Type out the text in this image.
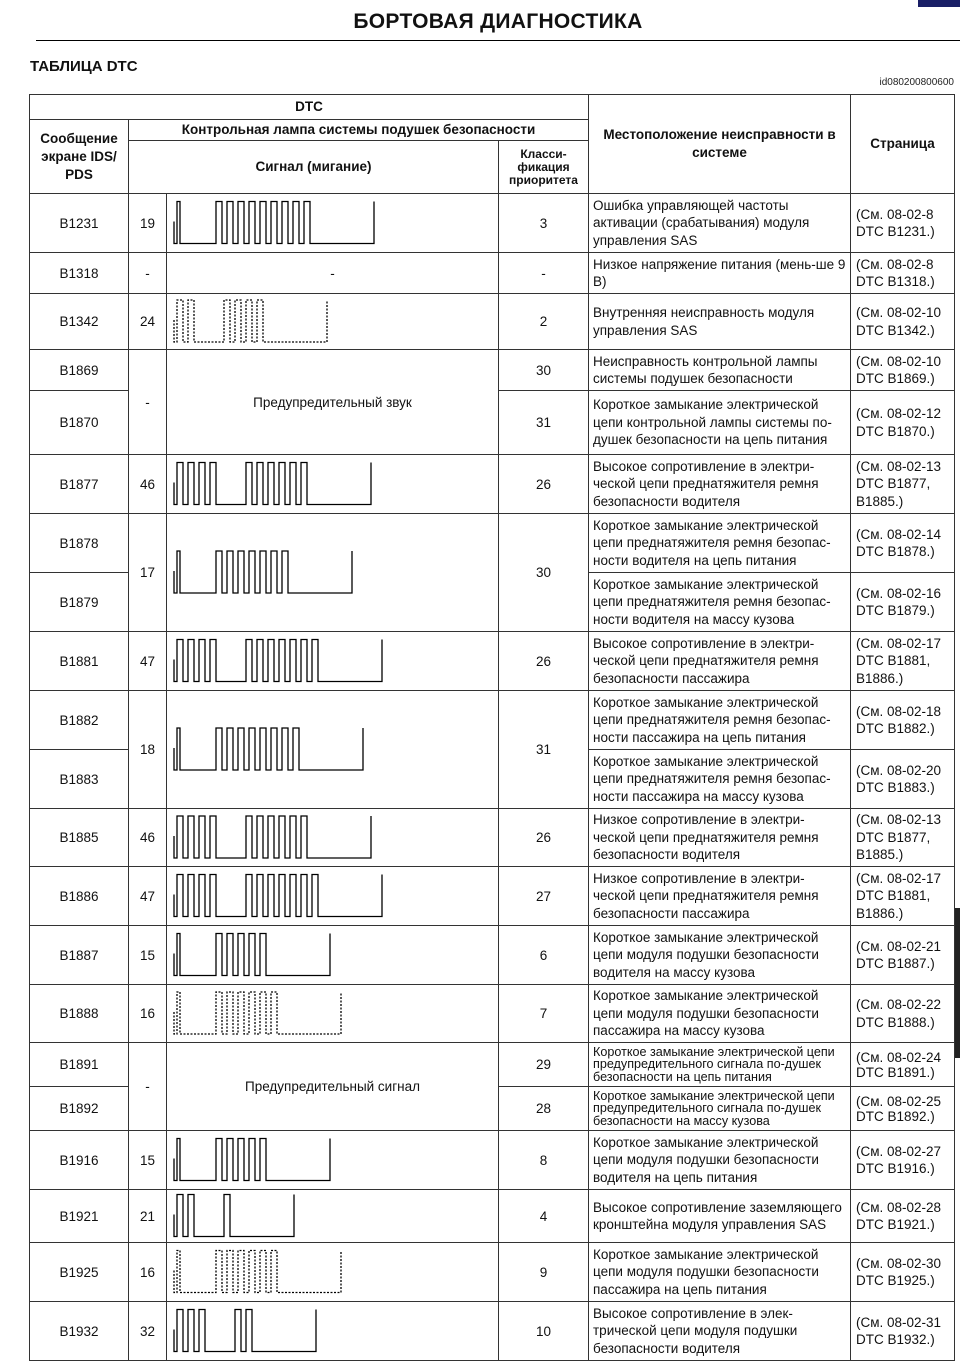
БОРТОВАЯ ДИАГНОСТИКА
ТАБЛИЦА DTC
id080200800600
DTC				Местоположение неисправности в системе	Страница
Сообщение экране IDS/ PDS	Контрольная лампа системы подушек безопасности				
	Сигнал (мигание)		Класси-фикация приоритета		
B1231	19		3	Ошибка управляющей частоты активации (срабатывания) модуля управления SAS	(См. 08-02-8 DTC B1231.)
B1318	-	-	-	Низкое напряжение питания (мень-ше 9 В)	(См. 08-02-8 DTC B1318.)
B1342	24		2	Внутренняя неисправность модуля управления SAS	(См. 08-02-10 DTC B1342.)
B1869	-	Предупредительный звук	30	Неисправность контрольной лампы системы подушек безопасности	(См. 08-02-10 DTC B1869.)
B1870			31	Короткое замыкание электрической цепи контрольной лампы системы по-душек безопасности на цепь питания	(См. 08-02-12 DTC B1870.)
B1877	46		26	Высокое сопротивление в электри-ческой цепи преднатяжителя ремня безопасности водителя	(См. 08-02-13 DTC B1877, B1885.)
B1878	17		30	Короткое замыкание электрической цепи преднатяжителя ремня безопас-ности водителя на цепь питания	(См. 08-02-14 DTC B1878.)
B1879				Короткое замыкание электрической цепи преднатяжителя ремня безопас-ности водителя на массу кузова	(См. 08-02-16 DTC B1879.)
B1881	47		26	Высокое сопротивление в электри-ческой цепи преднатяжителя ремня безопасности пассажира	(См. 08-02-17 DTC B1881, B1886.)
B1882	18		31	Короткое замыкание электрической цепи преднатяжителя ремня безопас-ности пассажира на цепь питания	(См. 08-02-18 DTC B1882.)
B1883				Короткое замыкание электрической цепи преднатяжителя ремня безопас-ности пассажира на массу кузова	(См. 08-02-20 DTC B1883.)
B1885	46		26	Низкое сопротивление в электри-ческой цепи преднатяжителя ремня безопасности водителя	(См. 08-02-13 DTC B1877, B1885.)
B1886	47		27	Низкое сопротивление в электри-ческой цепи преднатяжителя ремня безопасности пассажира	(См. 08-02-17 DTC B1881, B1886.)
B1887	15		6	Короткое замыкание электрической цепи модуля подушки безопасности водителя на массу кузова	(См. 08-02-21 DTC B1887.)
B1888	16		7	Короткое замыкание электрической цепи модуля подушки безопасности пассажира на массу кузова	(См. 08-02-22 DTC B1888.)
B1891	-	Предупредительный сигнал	29	Короткое замыкание электрической цепи предупредительного сигнала по-душек безопасности на цепь питания	(См. 08-02-24 DTC B1891.)
B1892			28	Короткое замыкание электрической цепи предупредительного сигнала по-душек безопасности на массу кузова	(См. 08-02-25 DTC B1892.)
B1916	15		8	Короткое замыкание электрической цепи модуля подушки безопасности водителя на цепь питания	(См. 08-02-27 DTC B1916.)
B1921	21		4	Высокое сопротивление заземляющего кронштейна модуля управления SAS	(См. 08-02-28 DTC B1921.)
B1925	16		9	Короткое замыкание электрической цепи модуля подушки безопасности пассажира на цепь питания	(См. 08-02-30 DTC B1925.)
B1932	32		10	Высокое сопротивление в элек-трической цепи модуля подушки безопасности водителя	(См. 08-02-31 DTC B1932.)
